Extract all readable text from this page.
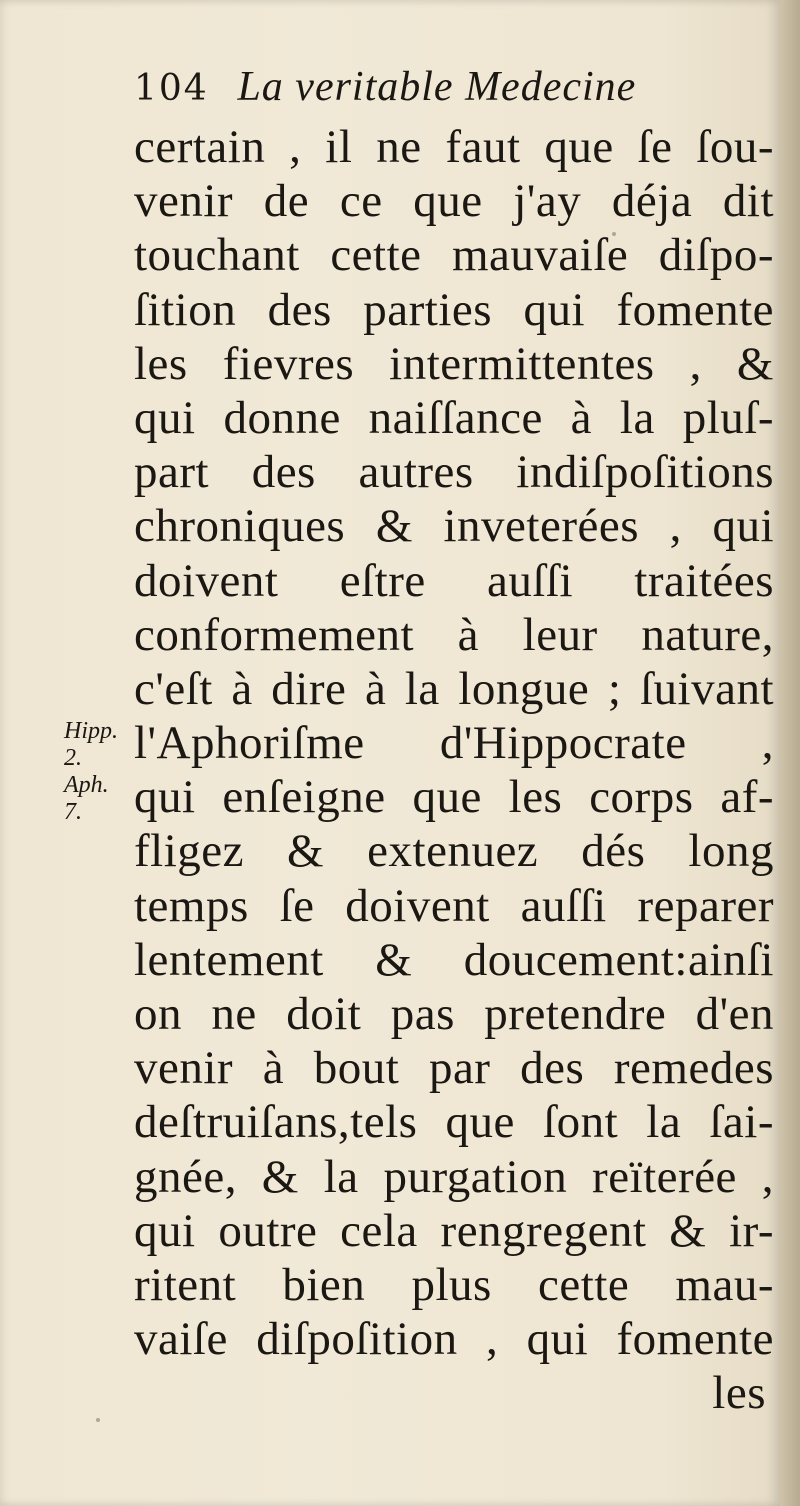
104 La veritable Medecine
Hipp.
2.
Aph.
7.
certain , il ne faut que ſe ſou-
venir de ce que j'ay déja dit
touchant cette mauvaiſe diſpo-
ſition des parties qui fomente
les fievres intermittentes , &
qui donne naiſſance à la pluſ-
part des autres indiſpoſitions
chroniques & inveterées , qui
doivent eſtre auſſi traitées
conformement à leur nature,
c'eſt à dire à la longue ; ſuivant
l'Aphoriſme d'Hippocrate ,
qui enſeigne que les corps af-
fligez & extenuez dés long
temps ſe doivent auſſi reparer
lentement & doucement:ainſi
on ne doit pas pretendre d'en
venir à bout par des remedes
deſtruiſans,tels que ſont la ſai-
gnée, & la purgation reïterée ,
qui outre cela rengregent & ir-
ritent bien plus cette mau-
vaiſe diſpoſition , qui fomente
les
